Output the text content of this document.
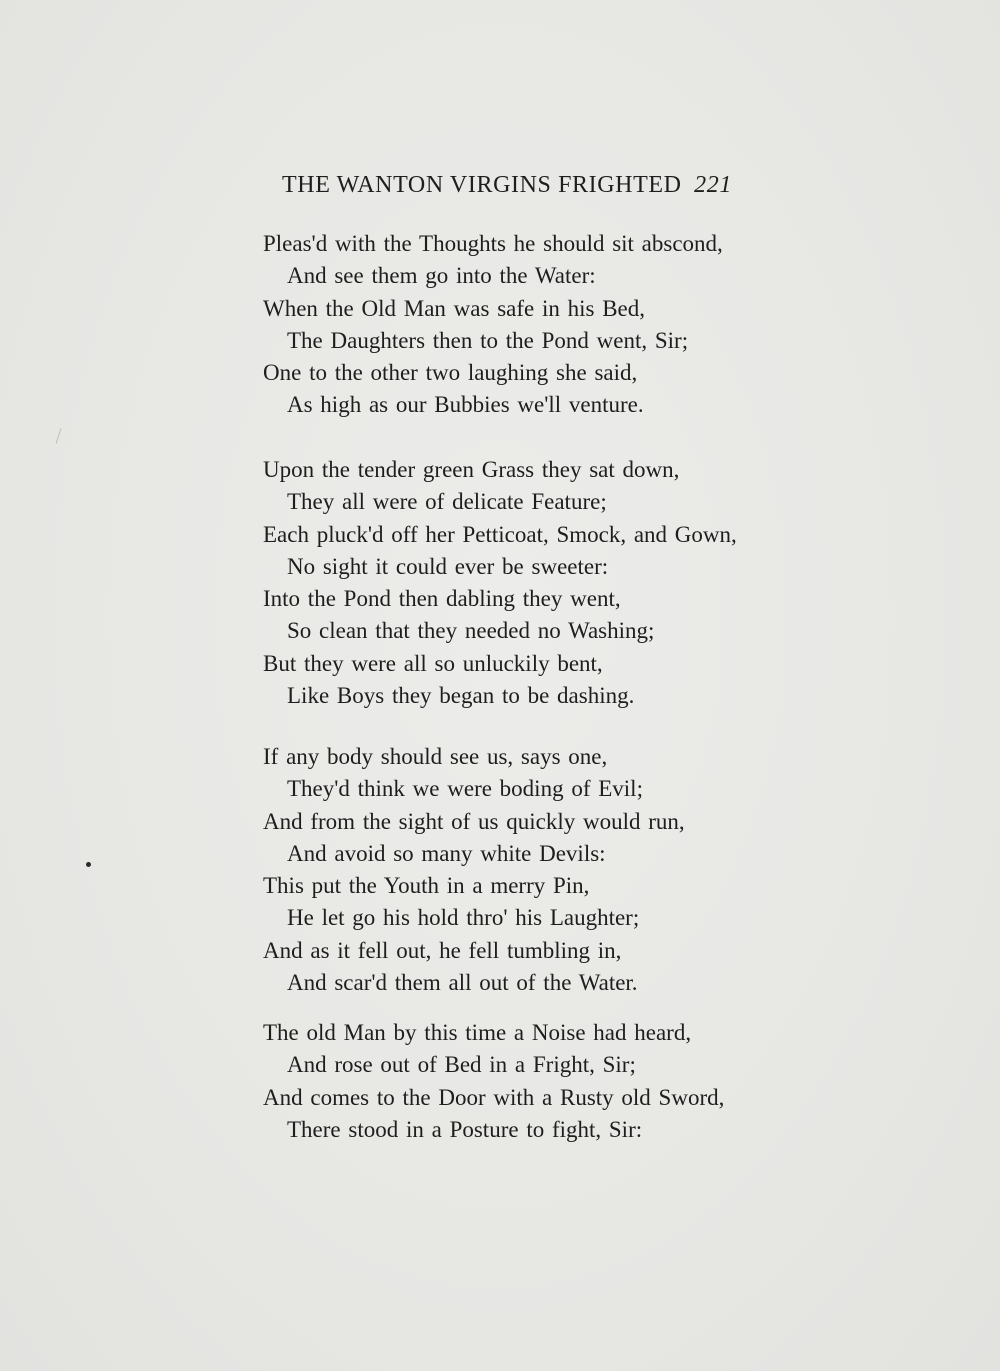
THE WANTON VIRGINS FRIGHTED 221
Pleas'd with the Thoughts he should sit abscond,
And see them go into the Water:
When the Old Man was safe in his Bed,
The Daughters then to the Pond went, Sir;
One to the other two laughing she said,
As high as our Bubbies we'll venture.
Upon the tender green Grass they sat down,
They all were of delicate Feature;
Each pluck'd off her Petticoat, Smock, and Gown,
No sight it could ever be sweeter:
Into the Pond then dabling they went,
So clean that they needed no Washing;
But they were all so unluckily bent,
Like Boys they began to be dashing.
If any body should see us, says one,
They'd think we were boding of Evil;
And from the sight of us quickly would run,
And avoid so many white Devils:
This put the Youth in a merry Pin,
He let go his hold thro' his Laughter;
And as it fell out, he fell tumbling in,
And scar'd them all out of the Water.
The old Man by this time a Noise had heard,
And rose out of Bed in a Fright, Sir;
And comes to the Door with a Rusty old Sword,
There stood in a Posture to fight, Sir:
